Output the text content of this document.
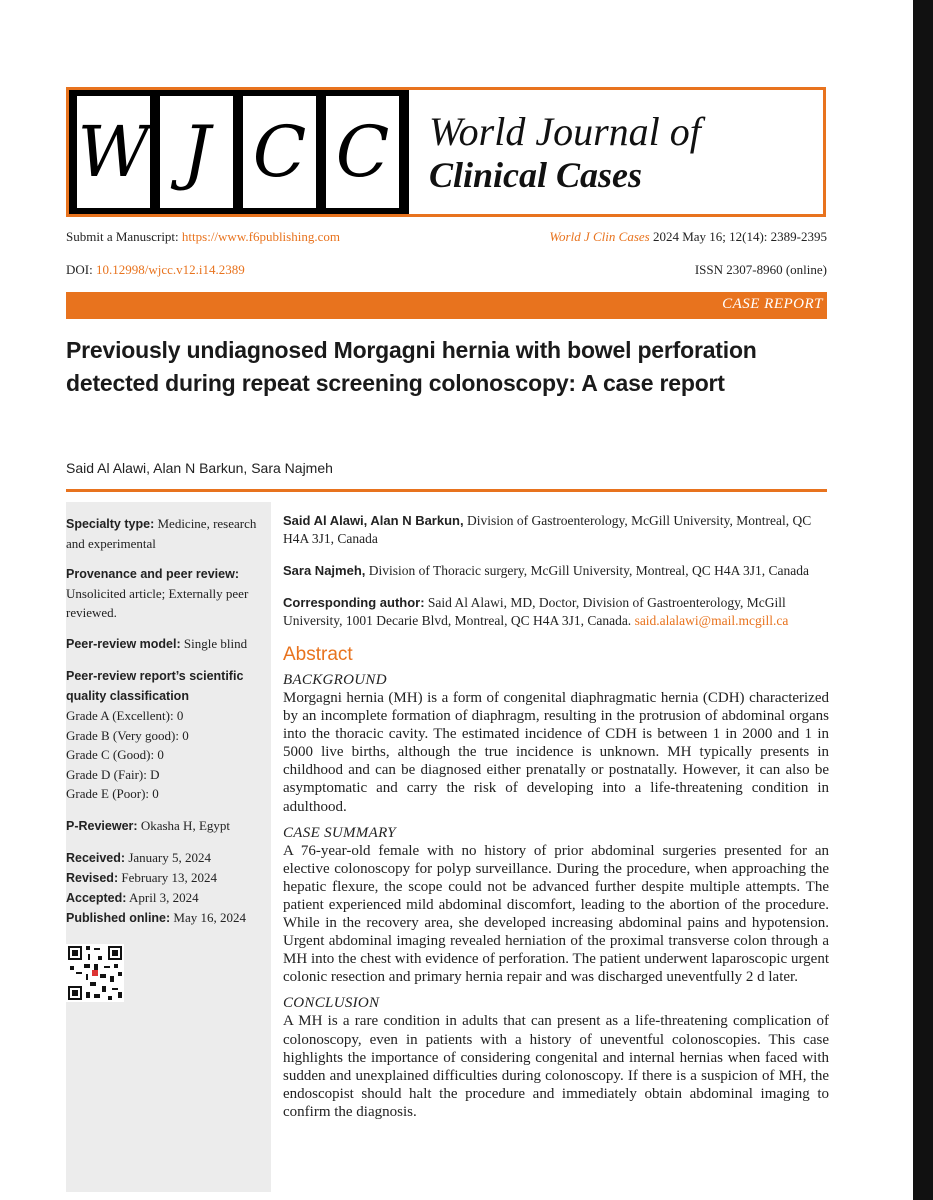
W J C C World Journal of
Clinical Cases
Submit a Manuscript: https://www.f6publishing.com	World J Clin Cases 2024 May 16; 12(14): 2389-2395
DOI: 10.12998/wjcc.v12.i14.2389	ISSN 2307-8960 (online)
CASE REPORT
Previously undiagnosed Morgagni hernia with bowel perforation
detected during repeat screening colonoscopy: A case report
Said Al Alawi, Alan N Barkun, Sara Najmeh
Specialty type: Medicine, research and experimental
Provenance and peer review:
Unsolicited article; Externally peer reviewed.
Peer-review model: Single blind
Peer-review report’s scientific quality classification
Grade A (Excellent): 0
Grade B (Very good): 0
Grade C (Good): 0
Grade D (Fair): D
Grade E (Poor): 0
P-Reviewer: Okasha H, Egypt
Received: January 5, 2024
Revised: February 13, 2024
Accepted: April 3, 2024
Published online: May 16, 2024
Said Al Alawi, Alan N Barkun, Division of Gastroenterology, McGill University, Montreal, QC H4A 3J1, Canada
Sara Najmeh, Division of Thoracic surgery, McGill University, Montreal, QC H4A 3J1, Canada
Corresponding author: Said Al Alawi, MD, Doctor, Division of Gastroenterology, McGill University, 1001 Decarie Blvd, Montreal, QC H4A 3J1, Canada. said.alalawi@mail.mcgill.ca
Abstract
BACKGROUND

Morgagni hernia (MH) is a form of congenital diaphragmatic hernia (CDH) characterized by an incomplete formation of diaphragm, resulting in the protrusion of abdominal organs into the thoracic cavity. The estimated incidence of CDH is between 1 in 2000 and 1 in 5000 live births, although the true incidence is unknown. MH typically presents in childhood and can be diagnosed either prenatally or postnatally. However, it can also be asymptomatic and carry the risk of developing into a life-threatening condition in adulthood.

CASE SUMMARY

A 76-year-old female with no history of prior abdominal surgeries presented for an elective colonoscopy for polyp surveillance. During the procedure, when approaching the hepatic flexure, the scope could not be advanced further despite multiple attempts. The patient experienced mild abdominal discomfort, leading to the abortion of the procedure. While in the recovery area, she developed increasing abdominal pains and hypotension. Urgent abdominal imaging revealed herniation of the proximal transverse colon through a MH into the chest with evidence of perforation. The patient underwent laparoscopic urgent colonic resection and primary hernia repair and was discharged uneventfully 2 d later.

CONCLUSION

A MH is a rare condition in adults that can present as a life-threatening complication of colonoscopy, even in patients with a history of uneventful colonoscopies. This case highlights the importance of considering congenital and internal hernias when faced with sudden and unexplained difficulties during colonoscopy. If there is a suspicion of MH, the endoscopist should halt the procedure and immediately obtain abdominal imaging to confirm the diagnosis.
